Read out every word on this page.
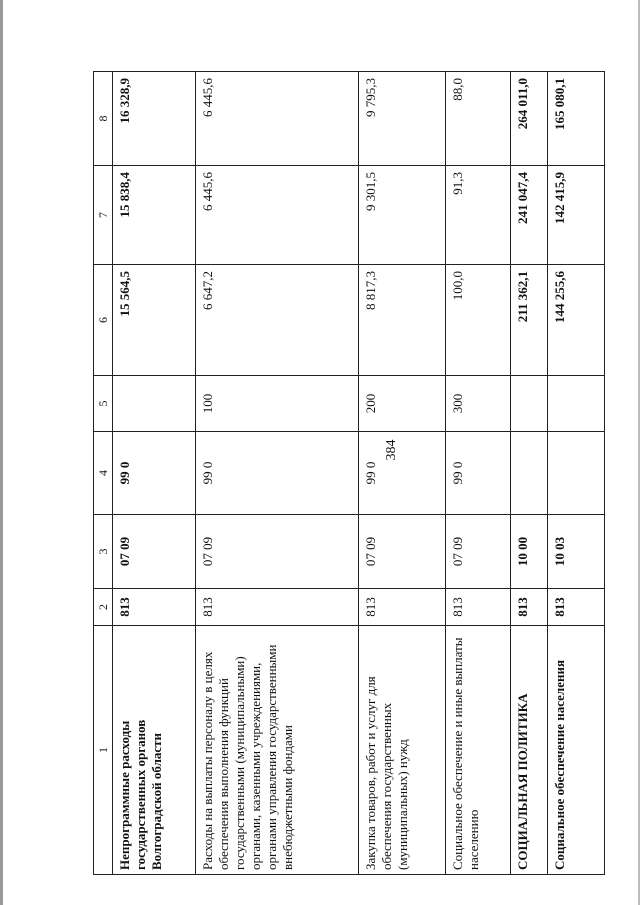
384
1	2	3	4	5	6	7	8
Непрограммные расходы государственных органов Волгоградской области	813	07 09	99 0		15 564,5	15 838,4	16 328,9
Расходы на выплаты персоналу в целях обеспечения выполнения функций государственными (муниципальными) органами, казенными учреждениями, органами управления государственными внебюджетными фондами	813	07 09	99 0	100	6 647,2	6 445,6	6 445,6
Закупка товаров, работ и услуг для обеспечения государственных (муниципальных) нужд	813	07 09	99 0	200	8 817,3	9 301,5	9 795,3
Социальное обеспечение и иные выплаты населению	813	07 09	99 0	300	100,0	91,3	88,0
СОЦИАЛЬНАЯ ПОЛИТИКА	813	10 00			211 362,1	241 047,4	264 011,0
Социальное обеспечение населения	813	10 03			144 255,6	142 415,9	165 080,1
